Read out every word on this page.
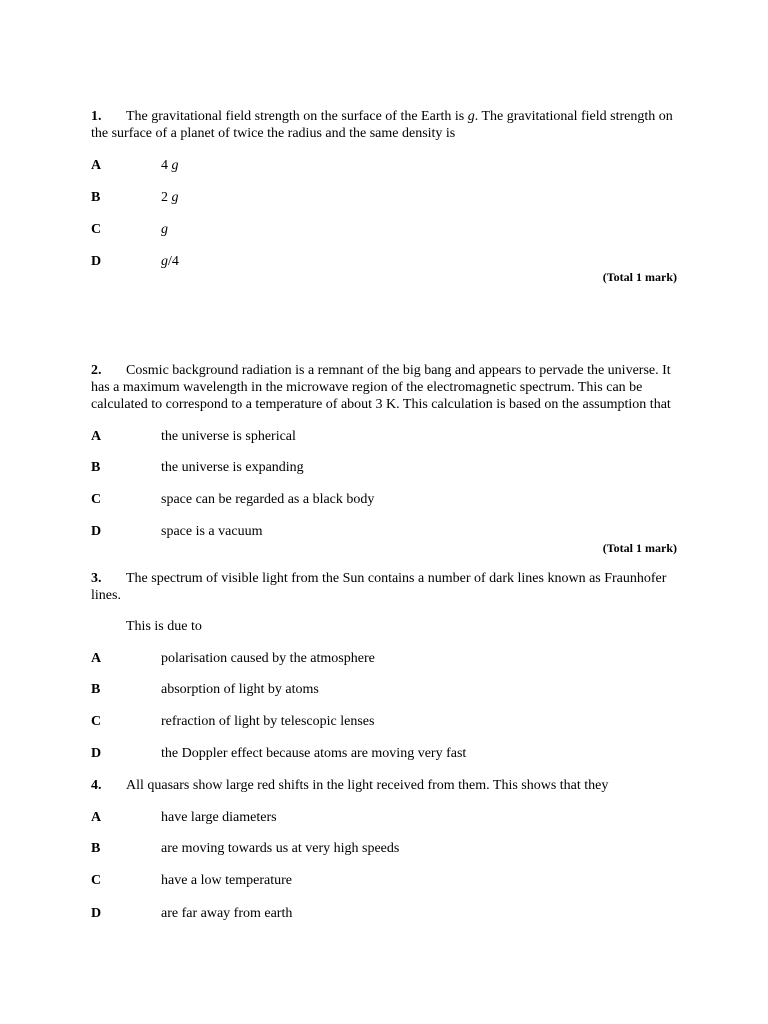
1. The gravitational field strength on the surface of the Earth is g. The gravitational field strength on the surface of a planet of twice the radius and the same density is
A	4 g
B	2 g
C	g
D	g/4
(Total 1 mark)
2. Cosmic background radiation is a remnant of the big bang and appears to pervade the universe. It has a maximum wavelength in the microwave region of the electromagnetic spectrum. This can be calculated to correspond to a temperature of about 3 K. This calculation is based on the assumption that
A	the universe is spherical
B	the universe is expanding
C	space can be regarded as a black body
D	space is a vacuum
(Total 1 mark)
3. The spectrum of visible light from the Sun contains a number of dark lines known as Fraunhofer lines.
This is due to
A	polarisation caused by the atmosphere
B	absorption of light by atoms
C	refraction of light by telescopic lenses
D	the Doppler effect because atoms are moving very fast
4. All quasars show large red shifts in the light received from them. This shows that they
A	have large diameters
B	are moving towards us at very high speeds
C	have a low temperature
D	are far away from earth
